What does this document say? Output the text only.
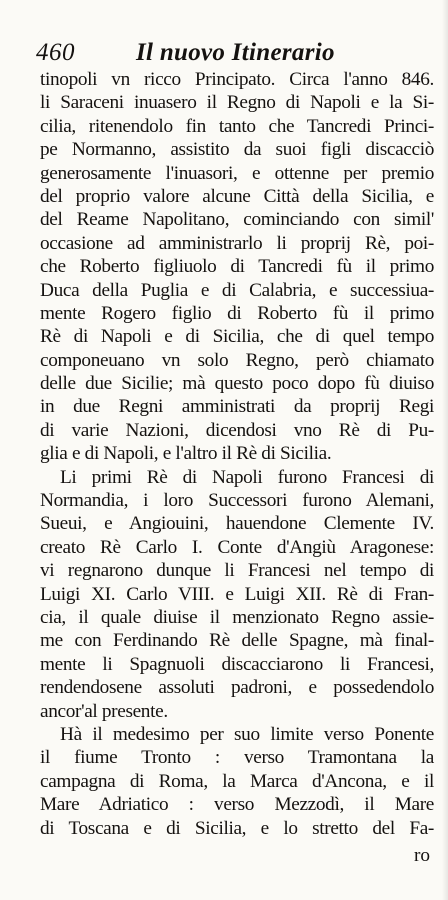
460 Il nuovo Itinerario
tinopoli vn ricco Principato. Circa l'anno 846.
li Saraceni inuasero il Regno di Napoli e la Si-
cilia, ritenendolo fin tanto che Tancredi Princi-
pe Normanno, assistito da suoi figli discacciò
generosamente l'inuasori, e ottenne per premio
del proprio valore alcune Città della Sicilia, e
del Reame Napolitano, cominciando con simil'
occasione ad amministrarlo li proprij Rè, poi-
che Roberto figliuolo di Tancredi fù il primo
Duca della Puglia e di Calabria, e successiua-
mente Rogero figlio di Roberto fù il primo
Rè di Napoli e di Sicilia, che di quel tempo
componeuano vn solo Regno, però chiamato
delle due Sicilie; mà questo poco dopo fù diuiso
in due Regni amministrati da proprij Regi
di varie Nazioni, dicendosi vno Rè di Pu-
glia e di Napoli, e l'altro il Rè di Sicilia.
Li primi Rè di Napoli furono Francesi di
Normandia, i loro Successori furono Alemani,
Sueui, e Angiouini, hauendone Clemente IV.
creato Rè Carlo I. Conte d'Angiù Aragonese:
vi regnarono dunque li Francesi nel tempo di
Luigi XI. Carlo VIII. e Luigi XII. Rè di Fran-
cia, il quale diuise il menzionato Regno assie-
me con Ferdinando Rè delle Spagne, mà final-
mente li Spagnuoli discacciarono li Francesi,
rendendosene assoluti padroni, e possedendolo
ancor'al presente.
Hà il medesimo per suo limite verso Ponente
il fiume Tronto : verso Tramontana la
campagna di Roma, la Marca d'Ancona, e il
Mare Adriatico : verso Mezzodì, il Mare
di Toscana e di Sicilia, e lo stretto del Fa-
ro
